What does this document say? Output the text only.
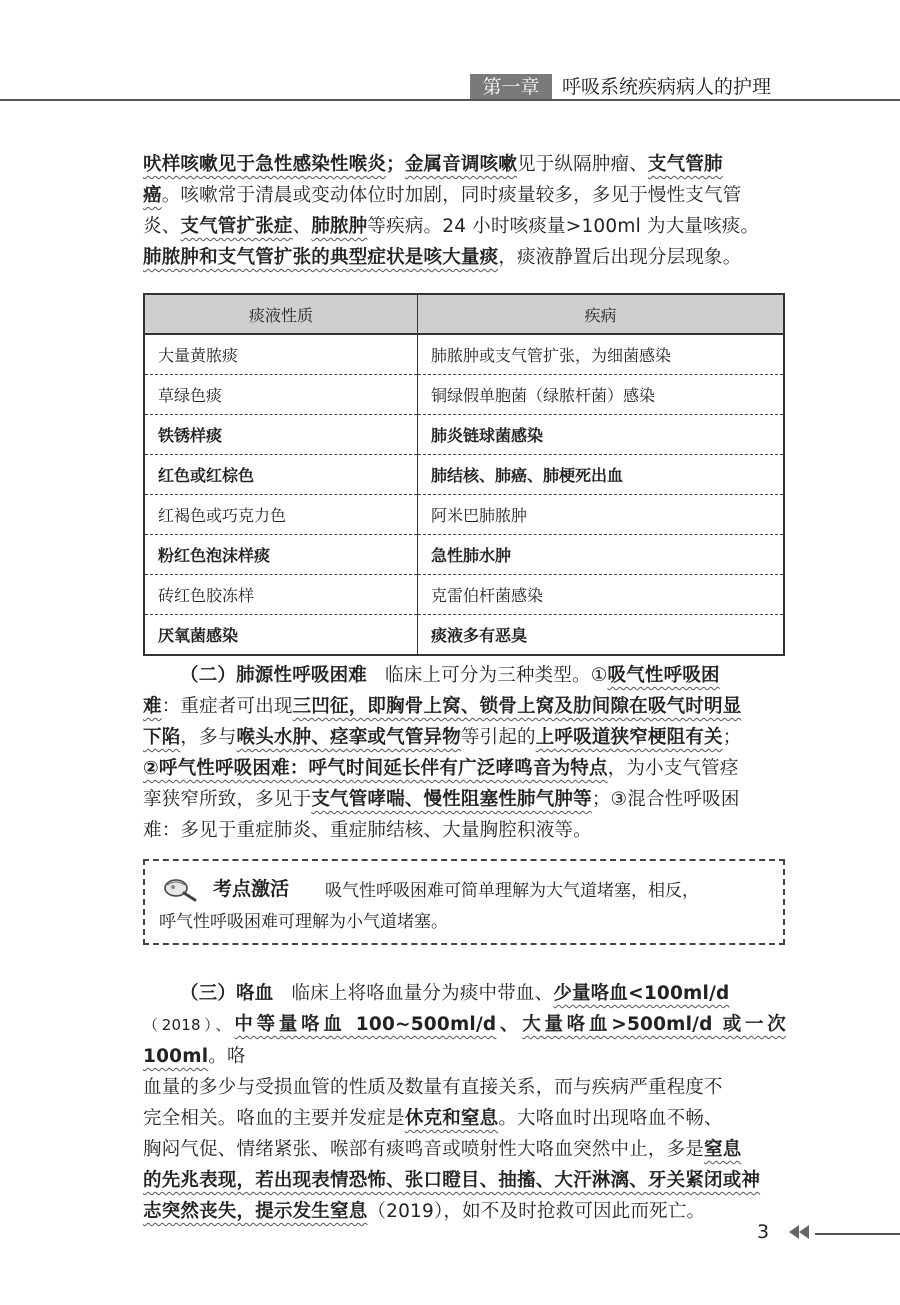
第一章	呼吸系统疾病病人的护理
吠样咳嗽见于急性感染性喉炎；金属音调咳嗽见于纵隔肿瘤、支气管肺
癌。咳嗽常于清晨或变动体位时加剧，同时痰量较多，多见于慢性支气管
炎、支气管扩张症、肺脓肿等疾病。24 小时咳痰量>100ml 为大量咳痰。
肺脓肿和支气管扩张的典型症状是咳大量痰，痰液静置后出现分层现象。
痰液性质	疾病
大量黄脓痰	肺脓肿或支气管扩张，为细菌感染
草绿色痰	铜绿假单胞菌（绿脓杆菌）感染
铁锈样痰	肺炎链球菌感染
红色或红棕色	肺结核、肺癌、肺梗死出血
红褐色或巧克力色	阿米巴肺脓肿
粉红色泡沫样痰	急性肺水肿
砖红色胶冻样	克雷伯杆菌感染
厌氧菌感染	痰液多有恶臭
（二）肺源性呼吸困难 临床上可分为三种类型。①吸气性呼吸困
难：重症者可出现三凹征，即胸骨上窝、锁骨上窝及肋间隙在吸气时明显
下陷，多与喉头水肿、痉挛或气管异物等引起的上呼吸道狭窄梗阻有关；
②呼气性呼吸困难：呼气时间延长伴有广泛哮鸣音为特点，为小支气管痉
挛狭窄所致，多见于支气管哮喘、慢性阻塞性肺气肿等；③混合性呼吸困
难：多见于重症肺炎、重症肺结核、大量胸腔积液等。
考点激活 吸气性呼吸困难可简单理解为大气道堵塞，相反，
呼气性呼吸困难可理解为小气道堵塞。
（三）咯血 临床上将咯血量分为痰中带血、少量咯血<100ml/d
（2018）、中等量咯血 100~500ml/d、大量咯血>500ml/d 或一次 100ml。咯
血量的多少与受损血管的性质及数量有直接关系，而与疾病严重程度不
完全相关。咯血的主要并发症是休克和窒息。大咯血时出现咯血不畅、
胸闷气促、情绪紧张、喉部有痰鸣音或喷射性大咯血突然中止，多是窒息
的先兆表现，若出现表情恐怖、张口瞪目、抽搐、大汗淋漓、牙关紧闭或神
志突然丧失，提示发生窒息（2019），如不及时抢救可因此而死亡。
3
